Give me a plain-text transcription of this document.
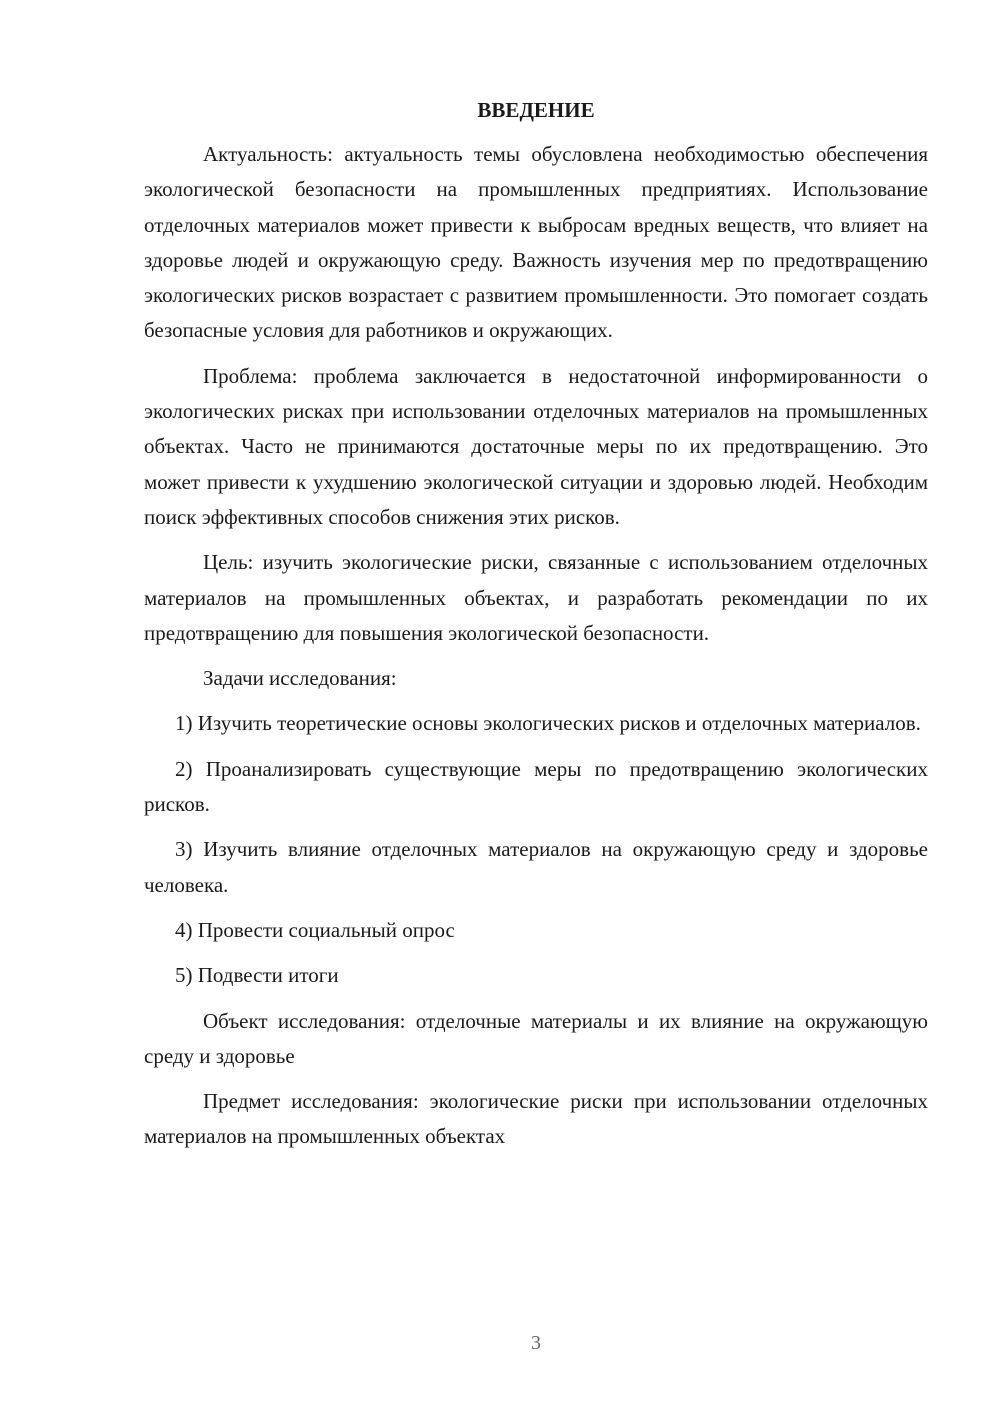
ВВЕДЕНИЕ

Актуальность: актуальность темы обусловлена необходимостью обеспечения экологической безопасности на промышленных предприятиях. Использование отделочных материалов может привести к выбросам вредных веществ, что влияет на здоровье людей и окружающую среду. Важность изучения мер по предотвращению экологических рисков возрастает с развитием промышленности. Это помогает создать безопасные условия для работников и окружающих.

Проблема: проблема заключается в недостаточной информированности о экологических рисках при использовании отделочных материалов на промышленных объектах. Часто не принимаются достаточные меры по их предотвращению. Это может привести к ухудшению экологической ситуации и здоровью людей. Необходим поиск эффективных способов снижения этих рисков.

Цель: изучить экологические риски, связанные с использованием отделочных материалов на промышленных объектах, и разработать рекомендации по их предотвращению для повышения экологической безопасности.

Задачи исследования:

1) Изучить теоретические основы экологических рисков и отделочных материалов.

2) Проанализировать существующие меры по предотвращению экологических рисков.

3) Изучить влияние отделочных материалов на окружающую среду и здоровье человека.

4) Провести социальный опрос

5) Подвести итоги

Объект исследования: отделочные материалы и их влияние на окружающую среду и здоровье

Предмет исследования: экологические риски при использовании отделочных материалов на промышленных объектах

3
